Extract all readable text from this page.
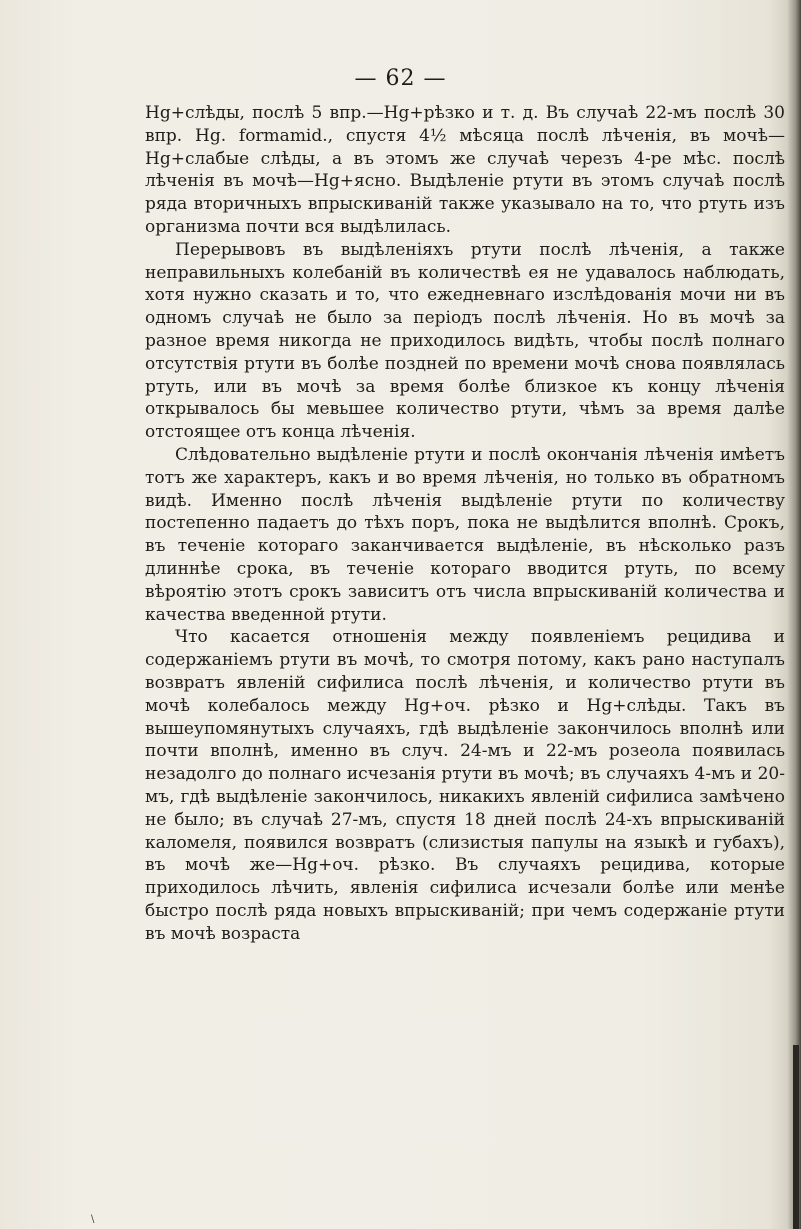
— 62 —

Hg+слѣды, послѣ 5 впр.—Hg+рѣзко и т. д. Въ случаѣ 22-мъ послѣ 30 впр. Hg. formamid., спустя 4½ мѣсяца послѣ лѣченія, въ мочѣ—Hg+слабые слѣды, а въ этомъ же случаѣ черезъ 4-ре мѣс. послѣ лѣченія въ мочѣ—Hg+ясно. Выдѣленіе ртути въ этомъ случаѣ послѣ ряда вторичныхъ впрыскиваній также указывало на то, что ртуть изъ организма почти вся выдѣлилась.

Перерывовъ въ выдѣленіяхъ ртути послѣ лѣченія, а также неправильныхъ колебаній въ количествѣ ея не удавалось наблюдать, хотя нужно сказать и то, что ежедневнаго изслѣдованія мочи ни въ одномъ случаѣ не было за періодъ послѣ лѣченія. Но въ мочѣ за разное время никогда не приходилось видѣть, чтобы послѣ полнаго отсутствія ртути въ болѣе поздней по времени мочѣ снова появлялась ртуть, или въ мочѣ за время болѣе близкое къ концу лѣченія открывалось бы мевьшее количество ртути, чѣмъ за время далѣе отстоящее отъ конца лѣченія.

Слѣдовательно выдѣленіе ртути и послѣ окончанія лѣченія имѣетъ тотъ же характеръ, какъ и во время лѣченія, но только въ обратномъ видѣ. Именно послѣ лѣченія выдѣленіе ртути по количеству постепенно падаетъ до тѣхъ поръ, пока не выдѣлится вполнѣ. Срокъ, въ теченіе котораго заканчивается выдѣленіе, въ нѣсколько разъ длиннѣе срока, въ теченіе котораго вводится ртуть, по всему вѣроятію этотъ срокъ зависитъ отъ числа впрыскиваній количества и качества введенной ртути.

Что касается отношенія между появленіемъ рецидива и содержаніемъ ртути въ мочѣ, то смотря потому, какъ рано наступалъ возвратъ явленій сифилиса послѣ лѣченія, и количество ртути въ мочѣ колебалось между Hg+оч. рѣзко и Hg+слѣды. Такъ въ вышеупомянутыхъ случаяхъ, гдѣ выдѣленіе закончилось вполнѣ или почти вполнѣ, именно въ случ. 24-мъ и 22-мъ розеола появилась незадолго до полнаго исчезанія ртути въ мочѣ; въ случаяхъ 4-мъ и 20-мъ, гдѣ выдѣленіе закончилось, никакихъ явленій сифилиса замѣчено не было; въ случаѣ 27-мъ, спустя 18 дней послѣ 24-хъ впрыскиваній каломеля, появился возвратъ (слизистыя папулы на языкѣ и губахъ), въ мочѣ же—Hg+оч. рѣзко. Въ случаяхъ рецидива, которые приходилось лѣчить, явленія сифилиса исчезали болѣе или менѣе быстро послѣ ряда новыхъ впрыскиваній; при чемъ содержаніе ртути въ мочѣ возраста

\
